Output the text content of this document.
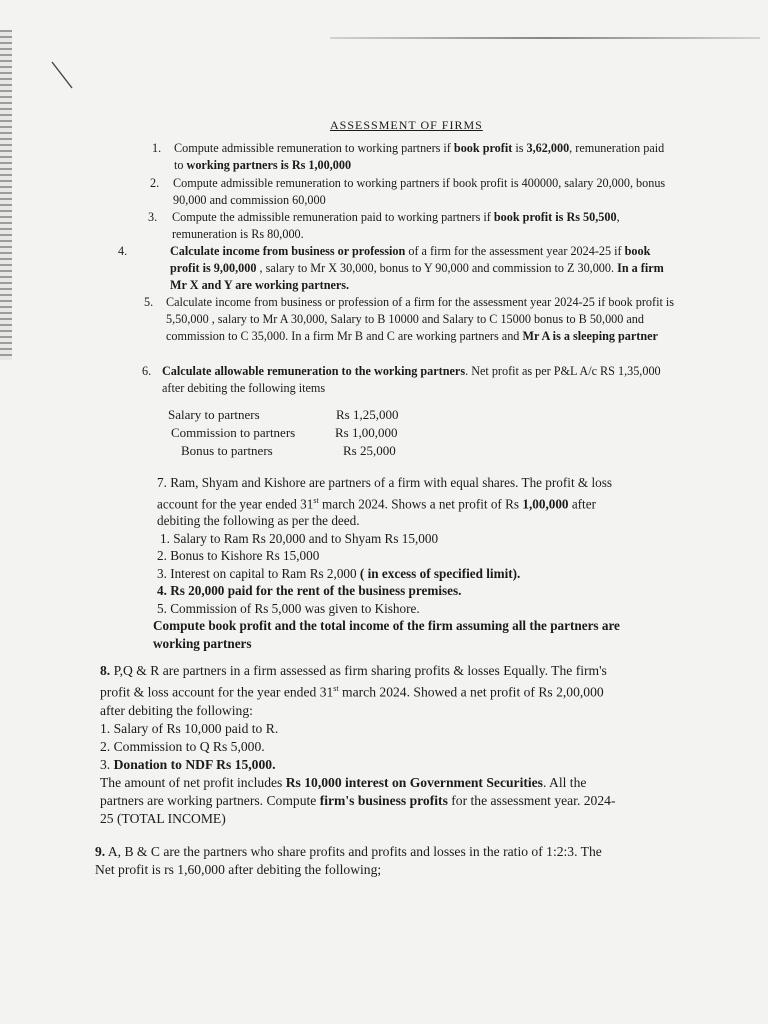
ASSESSMENT OF FIRMS
1. Compute admissible remuneration to working partners if book profit is 3,62,000, remuneration paid to working partners is Rs 1,00,000

2. Compute admissible remuneration to working partners if book profit is 400000, salary 20,000, bonus 90,000 and commission 60,000

3. Compute the admissible remuneration paid to working partners if book profit is Rs 50,500, remuneration is Rs 80,000.

4.	Calculate income from business or profession of a firm for the assessment year 2024-25 if book profit is 9,00,000 , salary to Mr X 30,000, bonus to Y 90,000 and commission to Z 30,000. In a firm Mr X and Y are working partners.

5. Calculate income from business or profession of a firm for the assessment year 2024-25 if book profit is 5,50,000 , salary to Mr A 30,000, Salary to B 10000 and Salary to C 15000 bonus to B 50,000 and commission to C 35,000. In a firm Mr B and C are working partners and Mr A is a sleeping partner

6. Calculate allowable remuneration to the working partners. Net profit as per P&L A/c RS 1,35,000 after debiting the following items

Salary to partners	Rs 1,25,000
Commission to partners	Rs 1,00,000
Bonus to partners	Rs 25,000

7. Ram, Shyam and Kishore are partners of a firm with equal shares. The profit & loss

account for the year ended 31st march 2024. Shows a net profit of Rs 1,00,000 after

debiting the following as per the deed.

1. Salary to Ram Rs 20,000 and to Shyam Rs 15,000

2. Bonus to Kishore Rs 15,000

3. Interest on capital to Ram Rs 2,000 ( in excess of specified limit).

4. Rs 20,000 paid for the rent of the business premises.

5. Commission of Rs 5,000 was given to Kishore.

Compute book profit and the total income of the firm assuming all the partners are

working partners

8. P,Q & R are partners in a firm assessed as firm sharing profits & losses Equally. The firm's

profit & loss account for the year ended 31st march 2024. Showed a net profit of Rs 2,00,000

after debiting the following:

1. Salary of Rs 10,000 paid to R.

2. Commission to Q Rs 5,000.

3. Donation to NDF Rs 15,000.

The amount of net profit includes Rs 10,000 interest on Government Securities. All the

partners are working partners. Compute firm's business profits for the assessment year. 2024-

25 (TOTAL INCOME)

9. A, B & C are the partners who share profits and profits and losses in the ratio of 1:2:3. The

Net profit is rs 1,60,000 after debiting the following;
